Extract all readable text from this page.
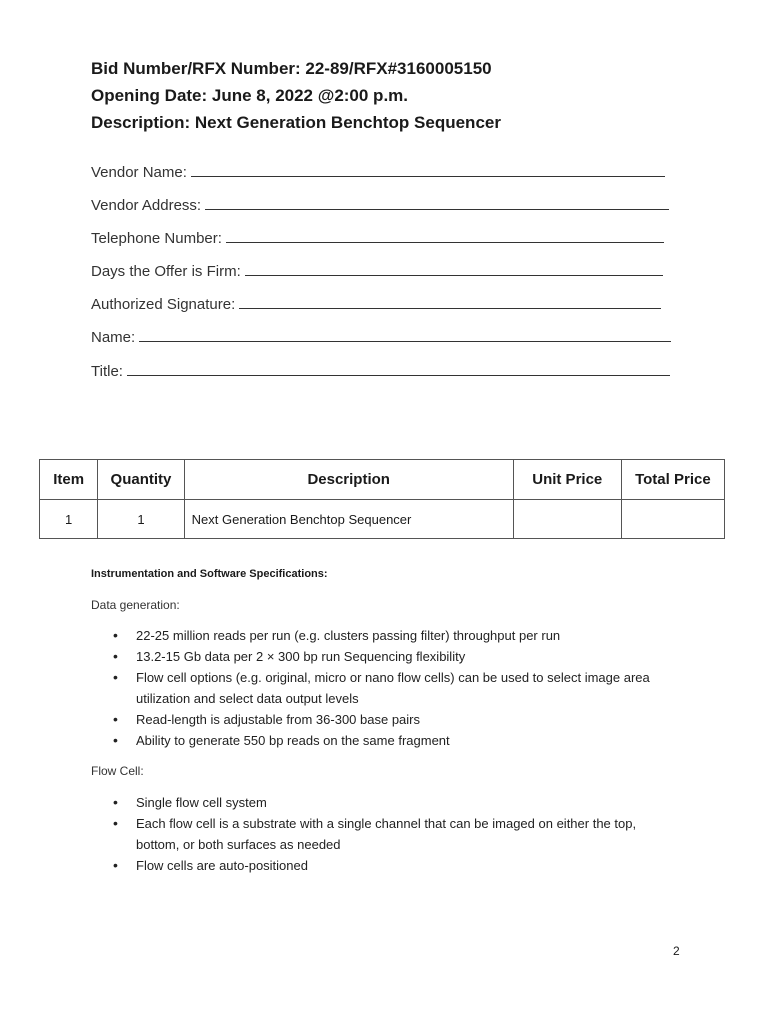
Bid Number/RFX Number: 22-89/RFX#3160005150
Opening Date: June 8, 2022 @2:00 p.m.
Description: Next Generation Benchtop Sequencer
Vendor Name:
Vendor Address:
Telephone Number:
Days the Offer is Firm:
Authorized Signature:
Name:
Title:
Item	Quantity	Description	Unit Price	Total Price
1	1	Next Generation Benchtop Sequencer		
Instrumentation and Software Specifications:
Data generation:
• 22-25 million reads per run (e.g. clusters passing filter) throughput per run
• 13.2-15 Gb data per 2 × 300 bp run Sequencing flexibility
• Flow cell options (e.g. original, micro or nano flow cells) can be used to select image area utilization and select data output levels
• Read-length is adjustable from 36-300 base pairs
• Ability to generate 550 bp reads on the same fragment
Flow Cell:
• Single flow cell system
• Each flow cell is a substrate with a single channel that can be imaged on either the top, bottom, or both surfaces as needed
• Flow cells are auto-positioned
2
